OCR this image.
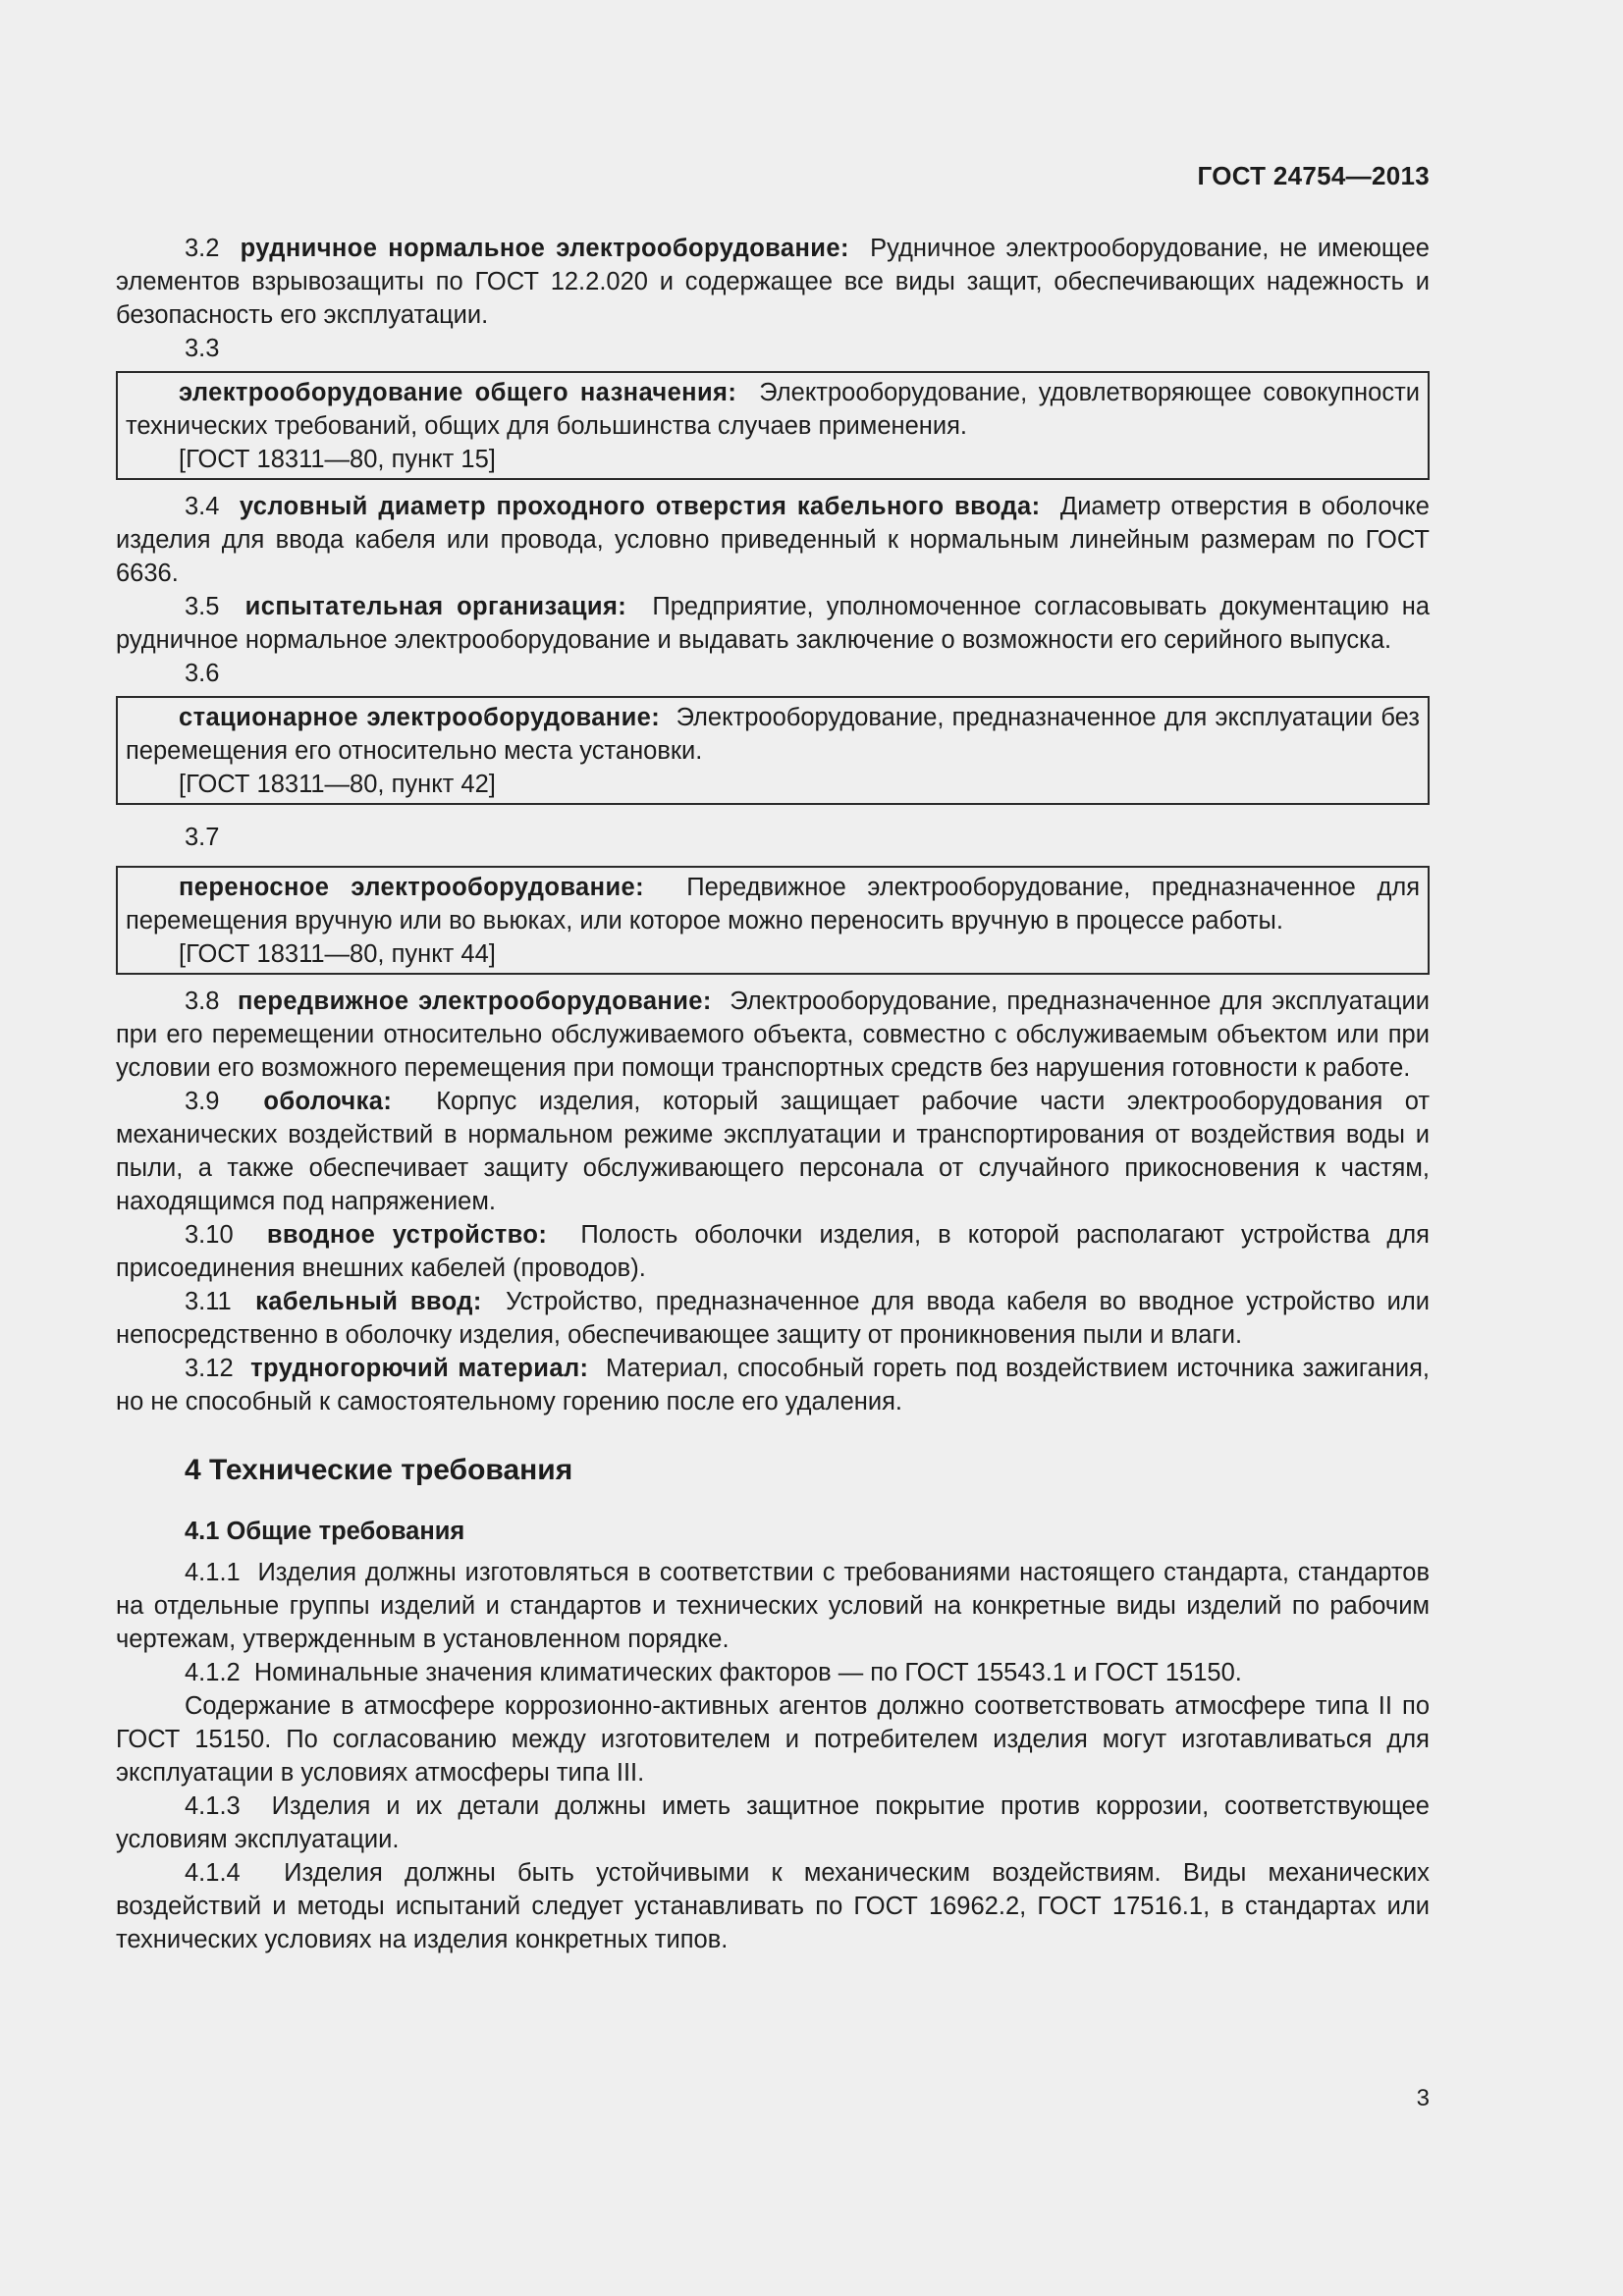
ГОСТ 24754—2013

3.2 рудничное нормальное электрооборудование: Рудничное электрооборудование, не имеющее элементов взрывозащиты по ГОСТ 12.2.020 и содержащее все виды защит, обеспечивающих надежность и безопасность его эксплуатации.

3.3

электрооборудование общего назначения: Электрооборудование, удовлетворяющее совокупности технических требований, общих для большинства случаев применения.

[ГОСТ 18311—80, пункт 15]

3.4 условный диаметр проходного отверстия кабельного ввода: Диаметр отверстия в оболочке изделия для ввода кабеля или провода, условно приведенный к нормальным линейным размерам по ГОСТ 6636.

3.5 испытательная организация: Предприятие, уполномоченное согласовывать документацию на рудничное нормальное электрооборудование и выдавать заключение о возможности его серийного выпуска.

3.6

стационарное электрооборудование: Электрооборудование, предназначенное для эксплуатации без перемещения его относительно места установки.

[ГОСТ 18311—80, пункт 42]
3.7

переносное электрооборудование: Передвижное электрооборудование, предназначенное для перемещения вручную или во вьюках, или которое можно переносить вручную в процессе работы.

[ГОСТ 18311—80, пункт 44]

3.8 передвижное электрооборудование: Электрооборудование, предназначенное для эксплуатации при его перемещении относительно обслуживаемого объекта, совместно с обслуживаемым объектом или при условии его возможного перемещения при помощи транспортных средств без нарушения готовности к работе.

3.9 оболочка: Корпус изделия, который защищает рабочие части электрооборудования от механических воздействий в нормальном режиме эксплуатации и транспортирования от воздействия воды и пыли, а также обеспечивает защиту обслуживающего персонала от случайного прикосновения к частям, находящимся под напряжением.

3.10 вводное устройство: Полость оболочки изделия, в которой располагают устройства для присоединения внешних кабелей (проводов).

3.11 кабельный ввод: Устройство, предназначенное для ввода кабеля во вводное устройство или непосредственно в оболочку изделия, обеспечивающее защиту от проникновения пыли и влаги.

3.12 трудногорючий материал: Материал, способный гореть под воздействием источника зажигания, но не способный к самостоятельному горению после его удаления.

4 Технические требования
4.1 Общие требования

4.1.1 Изделия должны изготовляться в соответствии с требованиями настоящего стандарта, стандартов на отдельные группы изделий и стандартов и технических условий на конкретные виды изделий по рабочим чертежам, утвержденным в установленном порядке.

4.1.2 Номинальные значения климатических факторов — по ГОСТ 15543.1 и ГОСТ 15150.

Содержание в атмосфере коррозионно-активных агентов должно соответствовать атмосфере типа II по ГОСТ 15150. По согласованию между изготовителем и потребителем изделия могут изготавливаться для эксплуатации в условиях атмосферы типа III.

4.1.3 Изделия и их детали должны иметь защитное покрытие против коррозии, соответствующее условиям эксплуатации.

4.1.4 Изделия должны быть устойчивыми к механическим воздействиям. Виды механических воздействий и методы испытаний следует устанавливать по ГОСТ 16962.2, ГОСТ 17516.1, в стандартах или технических условиях на изделия конкретных типов.

3
